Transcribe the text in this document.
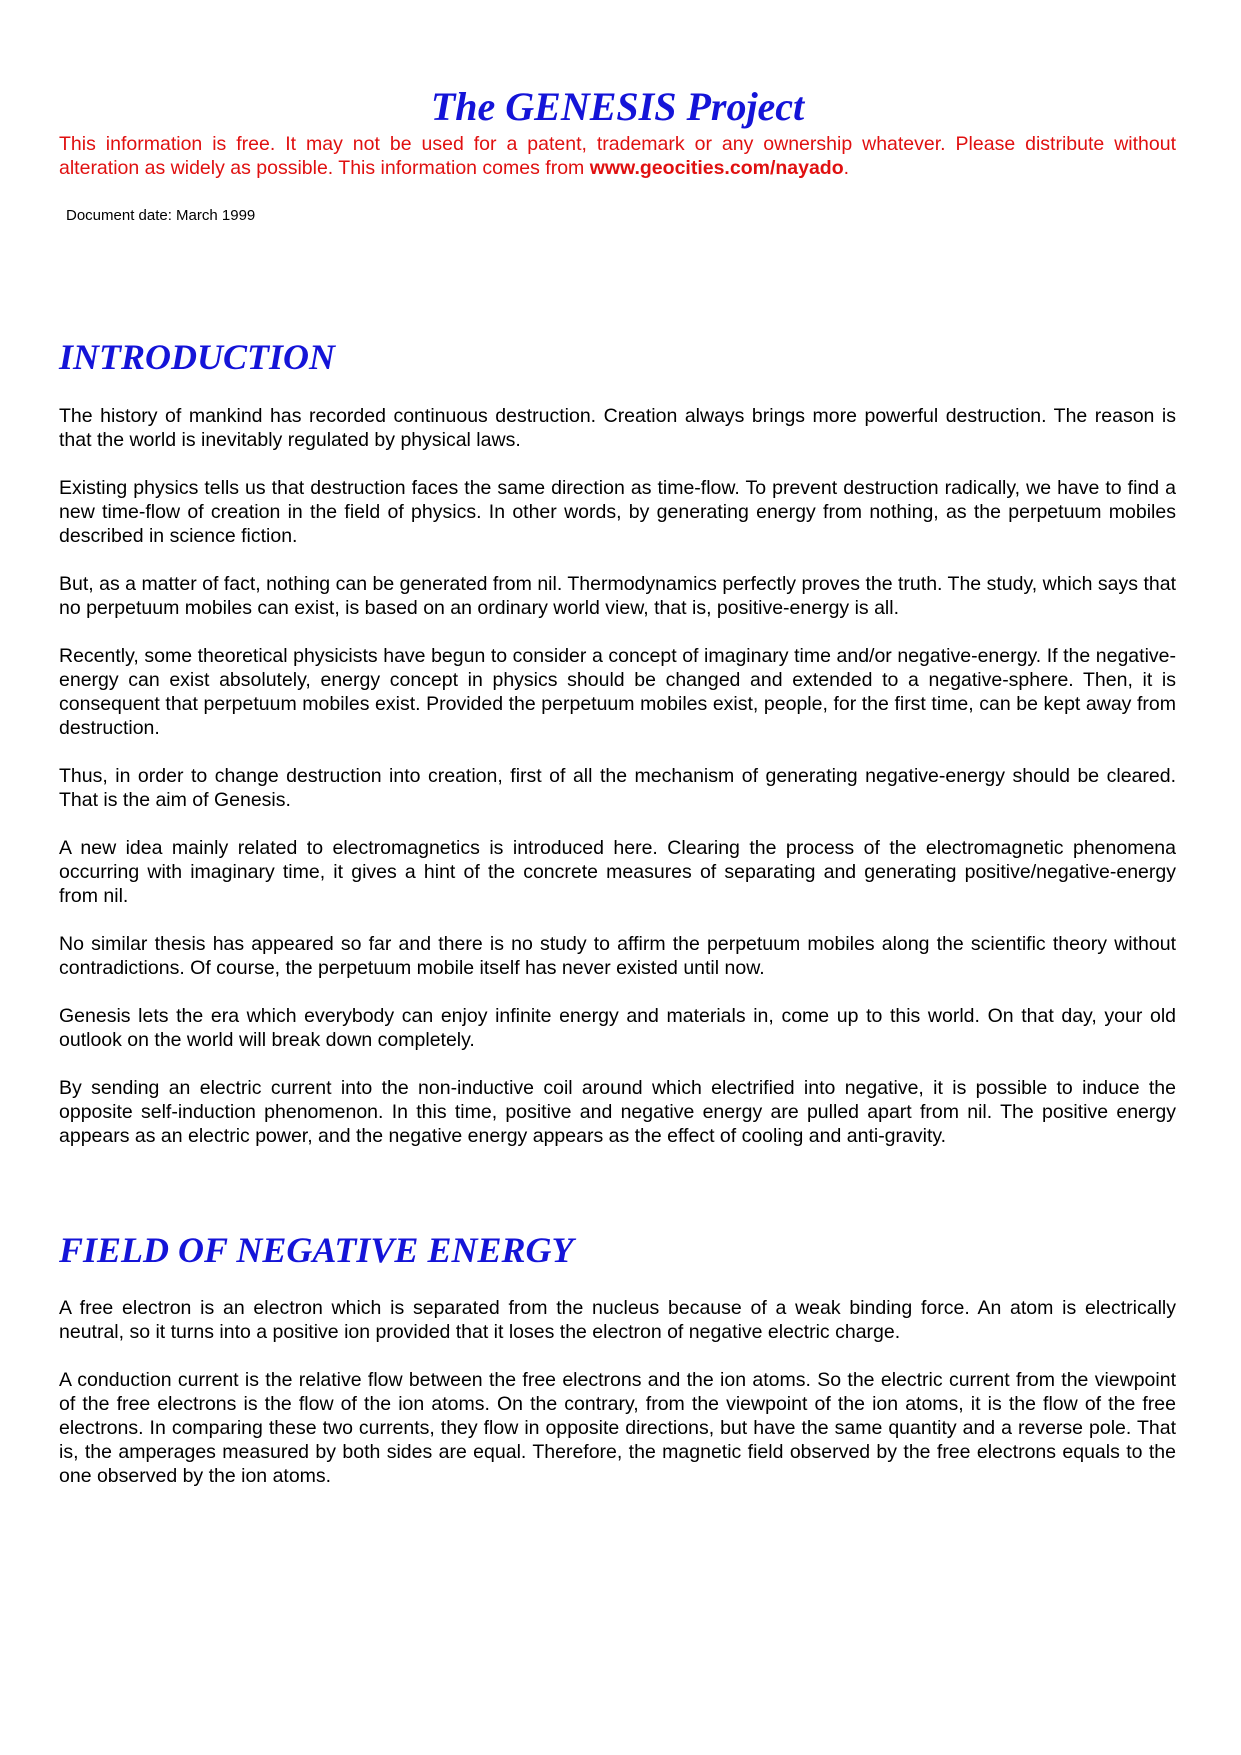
The GENESIS Project
This information is free. It may not be used for a patent, trademark or any ownership whatever. Please distribute without
alteration as widely as possible. This information comes from www.geocities.com/nayado.
Document date: March 1999
INTRODUCTION

The history of mankind has recorded continuous destruction. Creation always brings more powerful destruction. The reason is that the world is inevitably regulated by physical laws.

Existing physics tells us that destruction faces the same direction as time-flow. To prevent destruction radically, we have to find a new time-flow of creation in the field of physics. In other words, by generating energy from nothing, as the perpetuum mobiles described in science fiction.

But, as a matter of fact, nothing can be generated from nil. Thermodynamics perfectly proves the truth. The study, which says that no perpetuum mobiles can exist, is based on an ordinary world view, that is, positive-energy is all.

Recently, some theoretical physicists have begun to consider a concept of imaginary time and/or negative-energy. If the negative-energy can exist absolutely, energy concept in physics should be changed and extended to a negative-sphere. Then, it is consequent that perpetuum mobiles exist. Provided the perpetuum mobiles exist, people, for the first time, can be kept away from destruction.

Thus, in order to change destruction into creation, first of all the mechanism of generating negative-energy should be cleared. That is the aim of Genesis.

A new idea mainly related to electromagnetics is introduced here. Clearing the process of the electromagnetic phenomena occurring with imaginary time, it gives a hint of the concrete measures of separating and generating positive/negative-energy from nil.

No similar thesis has appeared so far and there is no study to affirm the perpetuum mobiles along the scientific theory without contradictions. Of course, the perpetuum mobile itself has never existed until now.

Genesis lets the era which everybody can enjoy infinite energy and materials in, come up to this world. On that day, your old outlook on the world will break down completely.

By sending an electric current into the non-inductive coil around which electrified into negative, it is possible to induce the opposite self-induction phenomenon. In this time, positive and negative energy are pulled apart from nil. The positive energy appears as an electric power, and the negative energy appears as the effect of cooling and anti-gravity.

FIELD OF NEGATIVE ENERGY

A free electron is an electron which is separated from the nucleus because of a weak binding force. An atom is electrically neutral, so it turns into a positive ion provided that it loses the electron of negative electric charge.

A conduction current is the relative flow between the free electrons and the ion atoms. So the electric current from the viewpoint of the free electrons is the flow of the ion atoms. On the contrary, from the viewpoint of the ion atoms, it is the flow of the free electrons. In comparing these two currents, they flow in opposite directions, but have the same quantity and a reverse pole. That is, the amperages measured by both sides are equal. Therefore, the magnetic field observed by the free electrons equals to the one observed by the ion atoms.
